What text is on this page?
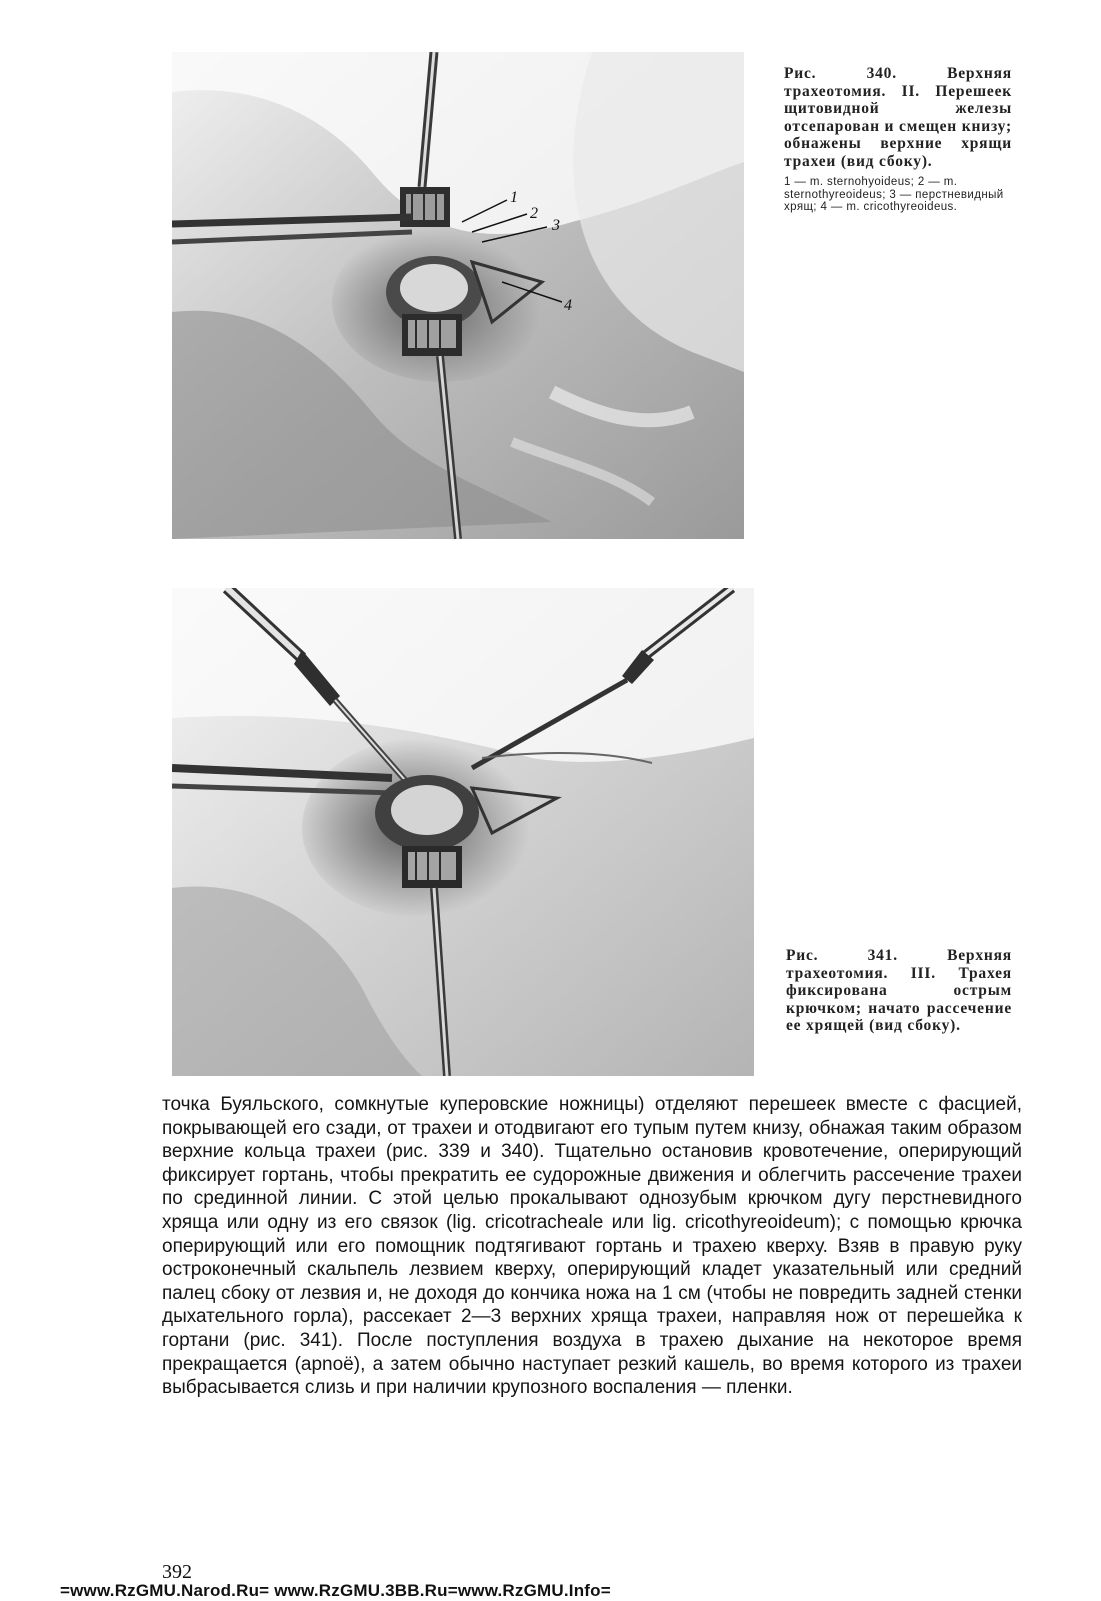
1
2
3
4
Рис. 340. Верхняя трахеотомия. II. Перешеек щитовидной железы отсепарован и смещен книзу; обнажены верхние хрящи трахеи (вид сбоку).
1 — m. sternohyoideus; 2 — m. sternothyreoideus; 3 — перстневидный хрящ; 4 — m. cricothyreoideus.
Рис. 341. Верхняя трахеотомия. III. Трахея фиксирована острым крючком; начато рассечение ее хрящей (вид сбоку).

точка Буяльского, сомкнутые куперовские ножницы) отделяют перешеек вместе с фасцией, покрывающей его сзади, от трахеи и отодвигают его тупым путем книзу, обнажая таким образом верхние кольца трахеи (рис. 339 и 340). Тщательно остановив кровотечение, оперирующий фиксирует гортань, чтобы прекратить ее судорожные движения и облегчить рассечение трахеи по срединной линии. С этой целью прокалывают однозубым крючком дугу перстневидного хряща или одну из его связок (lig. cricotracheale или lig. cricothyreoideum); с помощью крючка оперирующий или его помощник подтягивают гортань и трахею кверху. Взяв в правую руку остроконечный скальпель лезвием кверху, оперирующий кладет указательный или средний палец сбоку от лезвия и, не доходя до кончика ножа на 1 см (чтобы не повредить задней стенки дыхательного горла), рассекает 2—3 верхних хряща трахеи, направляя нож от перешейка к гортани (рис. 341). После поступления воздуха в трахею дыхание на некоторое время прекращается (apnoë), а затем обычно наступает резкий кашель, во время которого из трахеи выбрасывается слизь и при наличии крупозного воспаления — пленки.

392
=www.RzGMU.Narod.Ru= www.RzGMU.3BB.Ru=www.RzGMU.Info=
